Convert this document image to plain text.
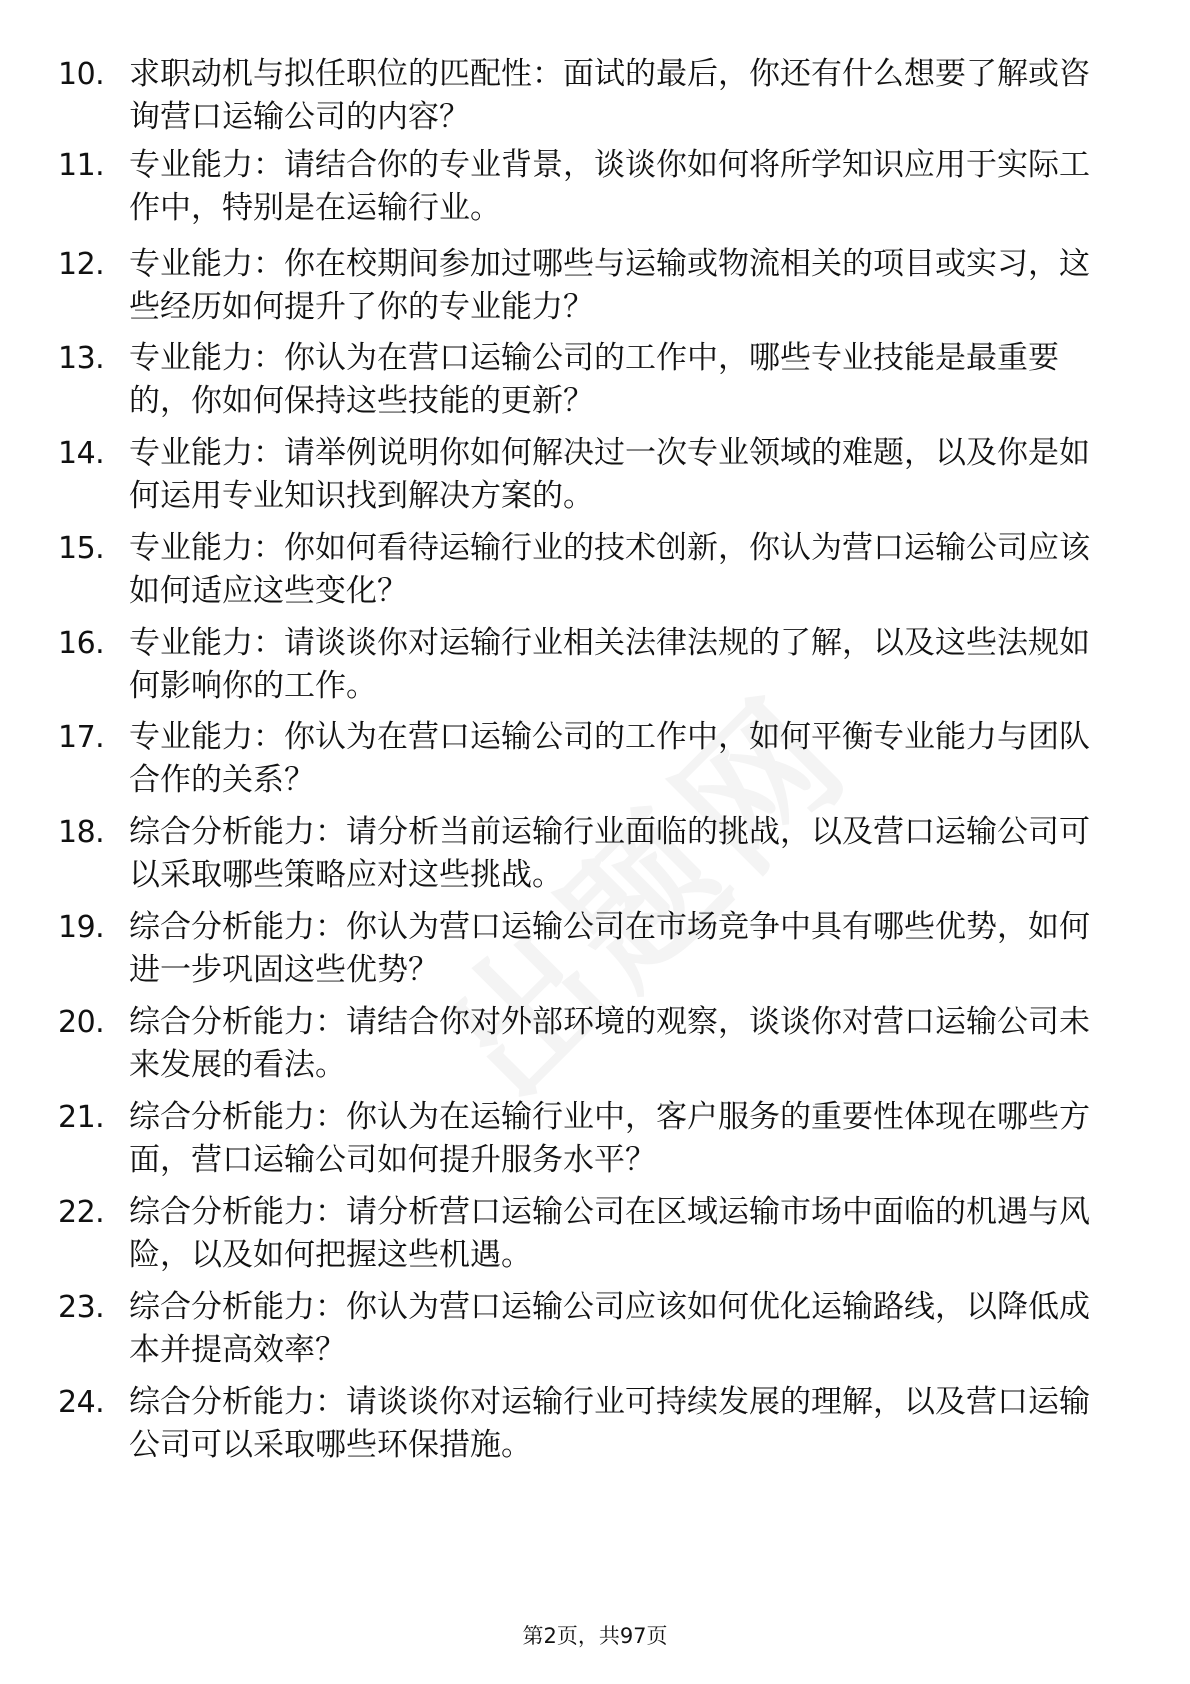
10. 求职动机与拟任职位的匹配性：面试的最后，你还有什么想要了解或咨询营口运输公司的内容？

11. 专业能力：请结合你的专业背景，谈谈你如何将所学知识应用于实际工作中，特别是在运输行业。

12. 专业能力：你在校期间参加过哪些与运输或物流相关的项目或实习，这些经历如何提升了你的专业能力？

13. 专业能力：你认为在营口运输公司的工作中，哪些专业技能是最重要的，你如何保持这些技能的更新？

14. 专业能力：请举例说明你如何解决过一次专业领域的难题，以及你是如何运用专业知识找到解决方案的。

15. 专业能力：你如何看待运输行业的技术创新，你认为营口运输公司应该如何适应这些变化？

16. 专业能力：请谈谈你对运输行业相关法律法规的了解，以及这些法规如何影响你的工作。

17. 专业能力：你认为在营口运输公司的工作中，如何平衡专业能力与团队合作的关系？

18. 综合分析能力：请分析当前运输行业面临的挑战，以及营口运输公司可以采取哪些策略应对这些挑战。

19. 综合分析能力：你认为营口运输公司在市场竞争中具有哪些优势，如何进一步巩固这些优势？

20. 综合分析能力：请结合你对外部环境的观察，谈谈你对营口运输公司未来发展的看法。

21. 综合分析能力：你认为在运输行业中，客户服务的重要性体现在哪些方面，营口运输公司如何提升服务水平？

22. 综合分析能力：请分析营口运输公司在区域运输市场中面临的机遇与风险，以及如何把握这些机遇。

23. 综合分析能力：你认为营口运输公司应该如何优化运输路线，以降低成本并提高效率？

24. 综合分析能力：请谈谈你对运输行业可持续发展的理解，以及营口运输公司可以采取哪些环保措施。

第2页，共97页
